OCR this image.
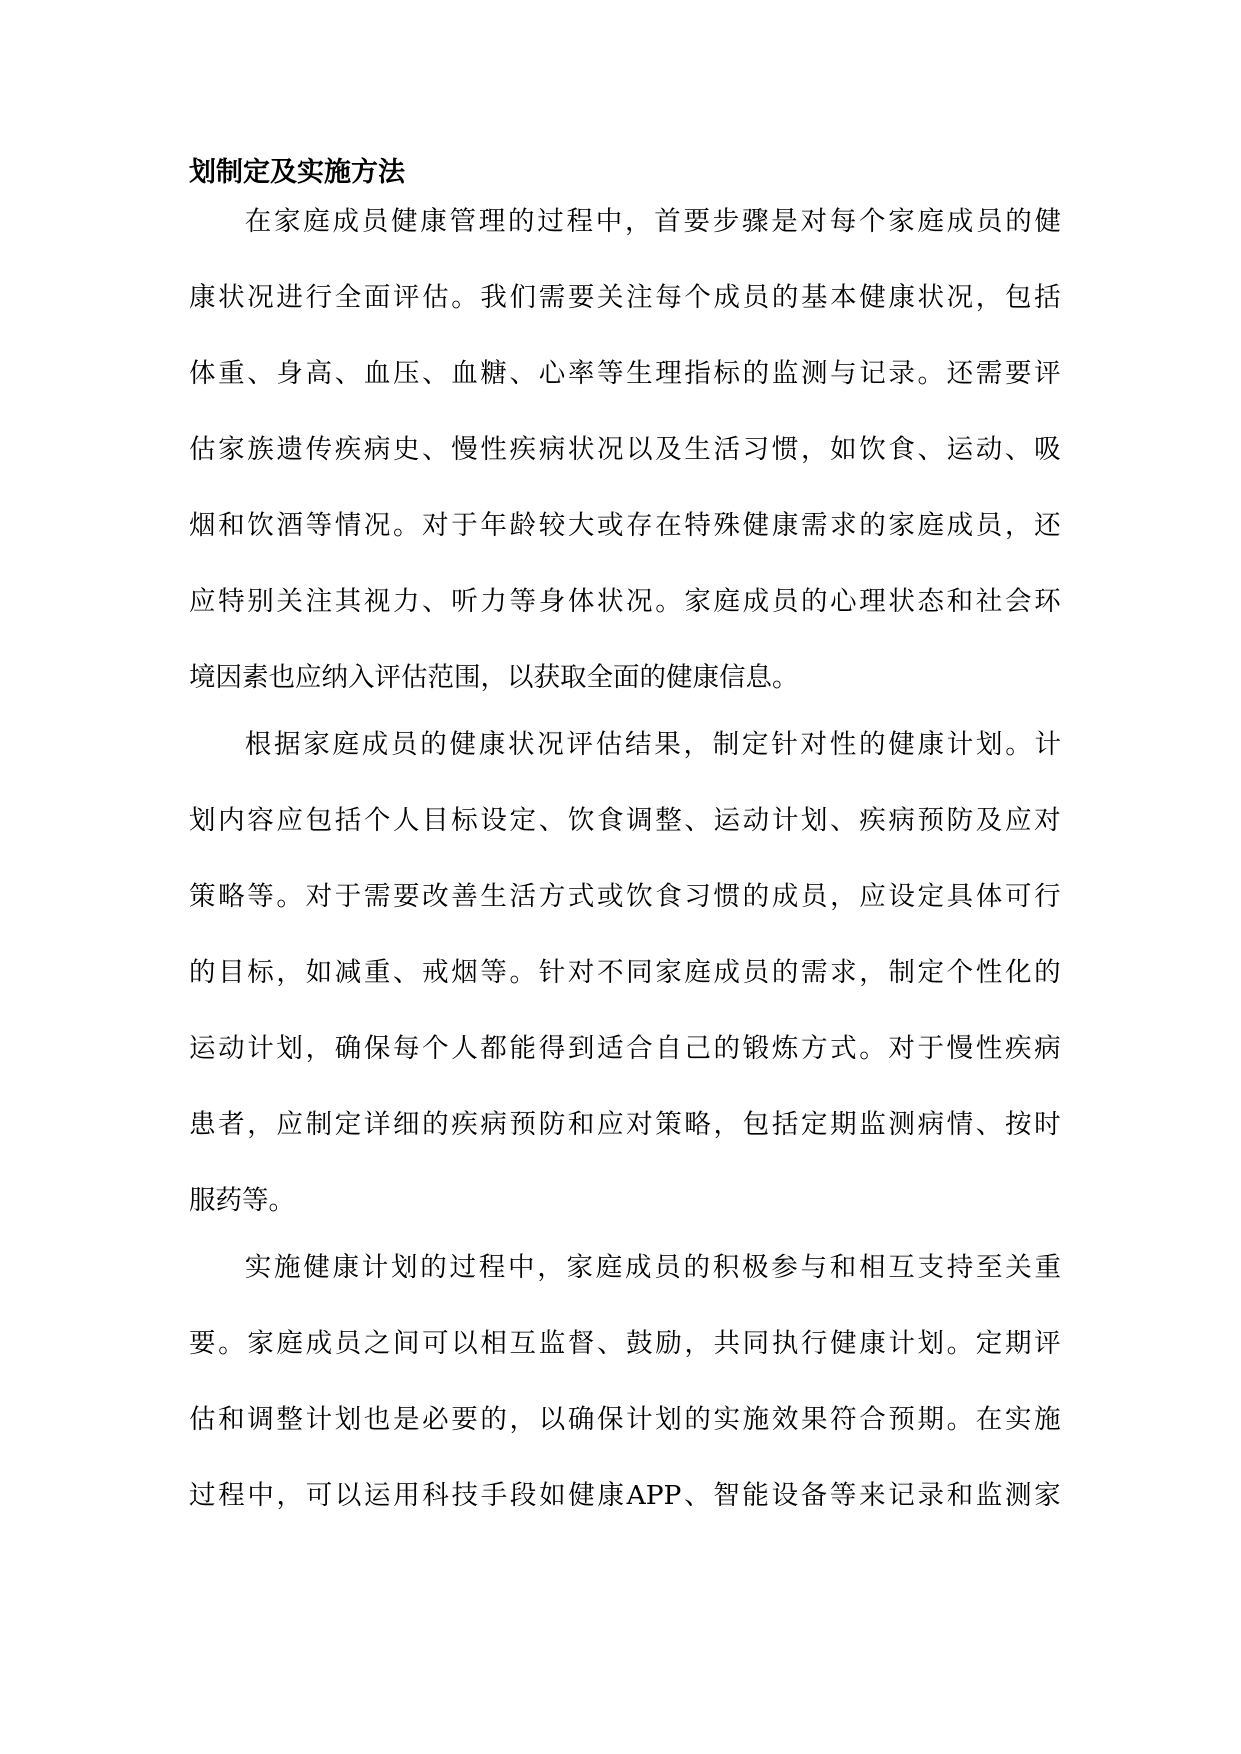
划制定及实施方法

在 家 庭 成 员 健 康 管 理 的 过 程 中 ， 首 要 步 骤 是 对 每 个 家 庭 成 员 的 健
康 状 况 进 行 全 面 评 估 。 我 们 需 要 关 注 每 个 成 员 的 基 本 健 康 状 况 ， 包 括
体 重 、 身 高 、 血 压 、 血 糖 、 心 率 等 生 理 指 标 的 监 测 与 记 录 。 还 需 要 评
估 家 族 遗 传 疾 病 史 、 慢 性 疾 病 状 况 以 及 生 活 习 惯 ， 如 饮 食 、 运 动 、 吸
烟 和 饮 酒 等 情 况 。 对 于 年 龄 较 大 或 存 在 特 殊 健 康 需 求 的 家 庭 成 员 ， 还
应 特 别 关 注 其 视 力 、 听 力 等 身 体 状 况 。 家 庭 成 员 的 心 理 状 态 和 社 会 环
境因素也应纳入评估范围，以获取全面的健康信息。

根 据 家 庭 成 员 的 健 康 状 况 评 估 结 果 ， 制 定 针 对 性 的 健 康 计 划 。 计
划 内 容 应 包 括 个 人 目 标 设 定 、 饮 食 调 整 、 运 动 计 划 、 疾 病 预 防 及 应 对
策 略 等 。 对 于 需 要 改 善 生 活 方 式 或 饮 食 习 惯 的 成 员 ， 应 设 定 具 体 可 行
的 目 标 ， 如 减 重 、 戒 烟 等 。 针 对 不 同 家 庭 成 员 的 需 求 ， 制 定 个 性 化 的
运 动 计 划 ， 确 保 每 个 人 都 能 得 到 适 合 自 己 的 锻 炼 方 式 。 对 于 慢 性 疾 病
患 者 ， 应 制 定 详 细 的 疾 病 预 防 和 应 对 策 略 ， 包 括 定 期 监 测 病 情 、 按 时
服药等。

实 施 健 康 计 划 的 过 程 中 ， 家 庭 成 员 的 积 极 参 与 和 相 互 支 持 至 关 重
要 。 家 庭 成 员 之 间 可 以 相 互 监 督 、 鼓 励 ， 共 同 执 行 健 康 计 划 。 定 期 评
估 和 调 整 计 划 也 是 必 要 的 ， 以 确 保 计 划 的 实 施 效 果 符 合 预 期 。 在 实 施
过 程 中 ， 可 以 运 用 科 技 手 段 如 健 康 APP 、 智 能 设 备 等 来 记 录 和 监 测 家
